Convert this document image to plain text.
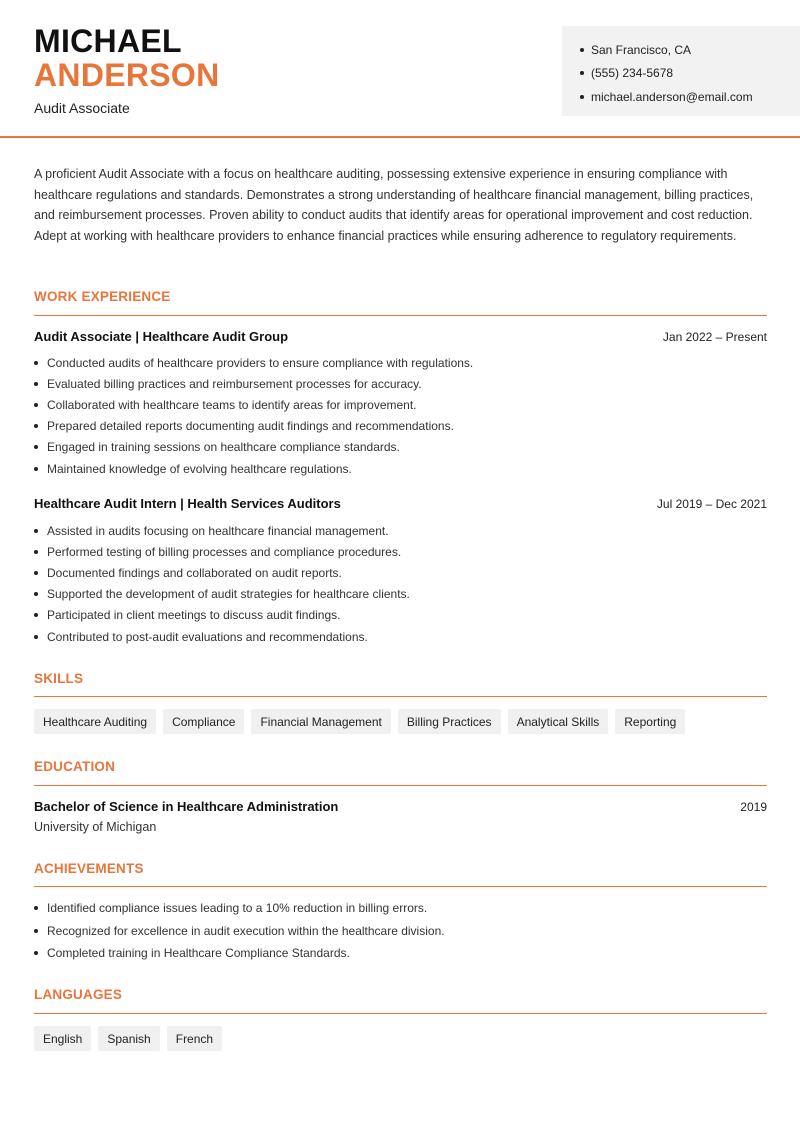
MICHAEL
ANDERSON
Audit Associate
San Francisco, CA
(555) 234-5678
michael.anderson@email.com
A proficient Audit Associate with a focus on healthcare auditing, possessing extensive experience in ensuring compliance with healthcare regulations and standards. Demonstrates a strong understanding of healthcare financial management, billing practices, and reimbursement processes. Proven ability to conduct audits that identify areas for operational improvement and cost reduction. Adept at working with healthcare providers to enhance financial practices while ensuring adherence to regulatory requirements.
WORK EXPERIENCE
Audit Associate | Healthcare Audit Group	Jan 2022 – Present
Conducted audits of healthcare providers to ensure compliance with regulations.
Evaluated billing practices and reimbursement processes for accuracy.
Collaborated with healthcare teams to identify areas for improvement.
Prepared detailed reports documenting audit findings and recommendations.
Engaged in training sessions on healthcare compliance standards.
Maintained knowledge of evolving healthcare regulations.
Healthcare Audit Intern | Health Services Auditors	Jul 2019 – Dec 2021
Assisted in audits focusing on healthcare financial management.
Performed testing of billing processes and compliance procedures.
Documented findings and collaborated on audit reports.
Supported the development of audit strategies for healthcare clients.
Participated in client meetings to discuss audit findings.
Contributed to post-audit evaluations and recommendations.
SKILLS
Healthcare Auditing	Compliance	Financial Management	Billing Practices	Analytical Skills	Reporting
EDUCATION
Bachelor of Science in Healthcare Administration	2019
University of Michigan
ACHIEVEMENTS
Identified compliance issues leading to a 10% reduction in billing errors.
Recognized for excellence in audit execution within the healthcare division.
Completed training in Healthcare Compliance Standards.
LANGUAGES
English	Spanish	French
